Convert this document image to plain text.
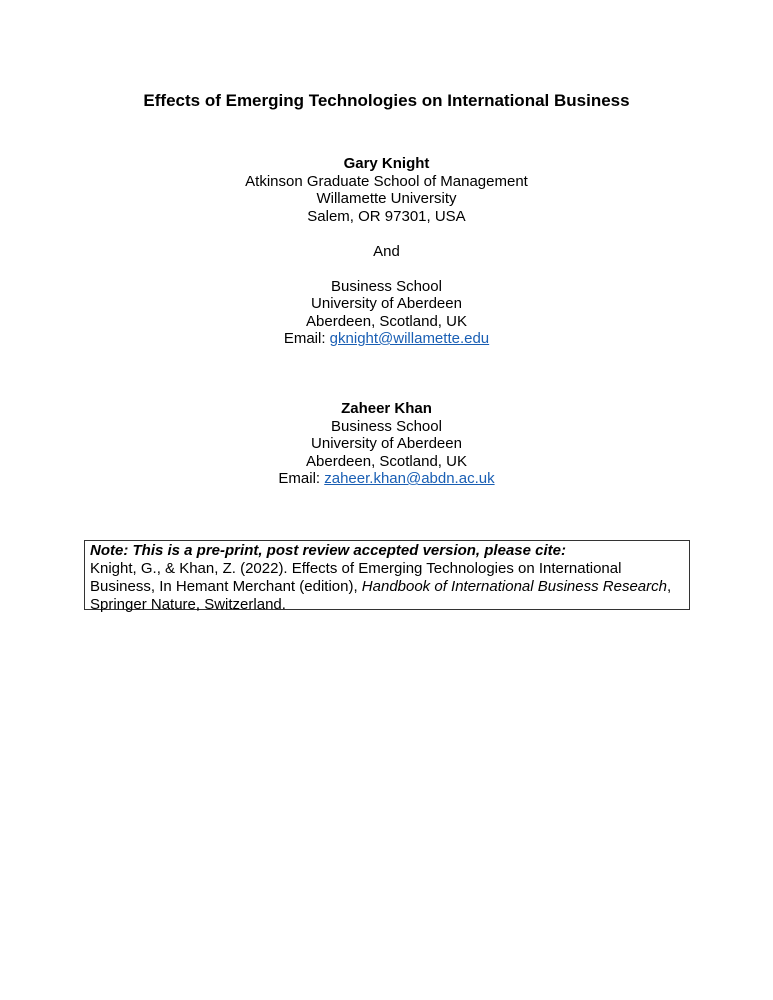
Effects of Emerging Technologies on International Business
Gary Knight
Atkinson Graduate School of Management
Willamette University
Salem, OR 97301, USA
And
Business School
University of Aberdeen
Aberdeen, Scotland, UK
Email: gknight@willamette.edu
Zaheer Khan
Business School
University of Aberdeen
Aberdeen, Scotland, UK
Email: zaheer.khan@abdn.ac.uk
Note: This is a pre-print, post review accepted version, please cite:
Knight, G., & Khan, Z. (2022). Effects of Emerging Technologies on International
Business, In Hemant Merchant (edition), Handbook of International Business Research,
Springer Nature, Switzerland.
